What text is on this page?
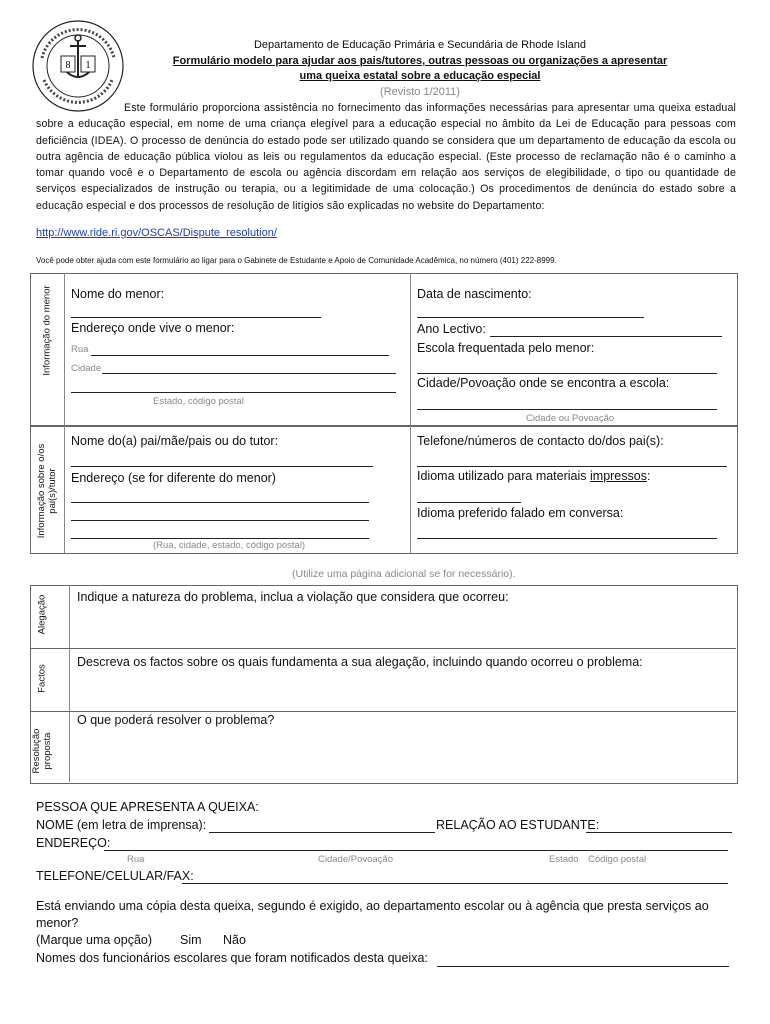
8 1
Departamento de Educação Primária e Secundária de Rhode Island
Formulário modelo para ajudar aos pais/tutores, outras pessoas ou organizações a apresentar
uma queixa estatal sobre a educação especial
(Revisto 1/2011)
Este formulário proporciona assistência no fornecimento das informações necessárias para apresentar uma queixa estadual sobre a educação especial, em nome de uma criança elegível para a educação especial no âmbito da Lei de Educação para pessoas com deficiência (IDEA). O processo de denúncia do estado pode ser utilizado quando se considera que um departamento de educação da escola ou outra agência de educação pública violou as leis ou regulamentos da educação especial. (Este processo de reclamação não é o caminho a tomar quando você e o Departamento de escola ou agência discordam em relação aos serviços de elegibilidade, o tipo ou quantidade de serviços especializados de instrução ou terapia, ou a legitimidade de uma colocação.) Os procedimentos de denúncia do estado sobre a educação especial e dos processos de resolução de litígios são explicadas no website do Departamento:
http://www.ride.ri.gov/OSCAS/Dispute_resolution/
Você pode obter ajuda com este formulário ao ligar para o Gabinete de Estudante e Apoio de Comunidade Acadêmica, no número (401) 222-8999.
Informação do menor Nome do menor:
Endereço onde vive o menor:
Rua
Cidade
Estado, código postal
Data de nascimento:
Ano Lectivo:
Escola frequentada pelo menor:
Cidade/Povoação onde se encontra a escola:
Cidade ou Povoação
Informação sobre o/os pai(s)/tutor
Nome do(a) pai/mãe/pais ou do tutor:
Endereço (se for diferente do menor)
(Rua, cidade, estado, código postal)
Telefone/números de contacto do/dos pai(s):
Idioma utilizado para materiais impressos:
Idioma preferido falado em conversa:
(Utilize uma página adicional se for necessário).
Alegação Indique a natureza do problema, inclua a violação que considera que ocorreu:
Factos
Descreva os factos sobre os quais fundamenta a sua alegação, incluindo quando ocorreu o problema:
Resolução proposta
O que poderá resolver o problema?
PESSOA QUE APRESENTA A QUEIXA:
NOME (em letra de imprensa):	RELAÇÃO AO ESTUDANTE:
ENDEREÇO:
Rua	Cidade/Povoação	Estado Código postal
TELEFONE/CELULAR/FAX:
Está enviando uma cópia desta queixa, segundo é exigido, ao departamento escolar ou à agência que presta serviços ao
menor?
(Marque uma opção) Sim Não
Nomes dos funcionários escolares que foram notificados desta queixa:
